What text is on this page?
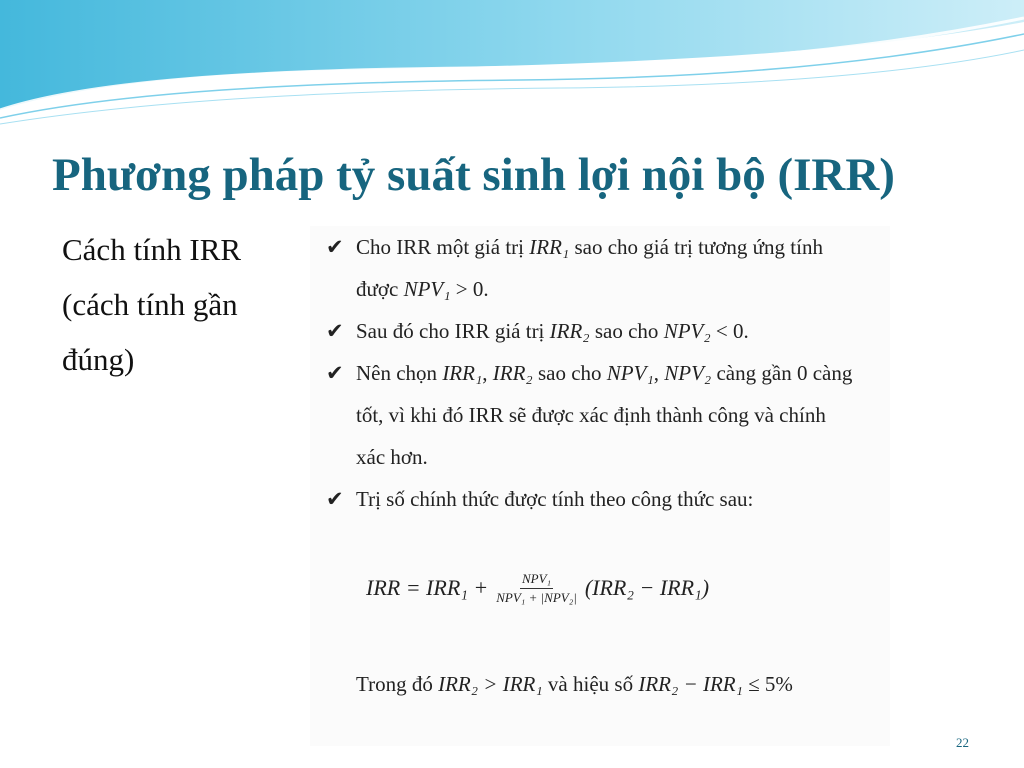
Phương pháp tỷ suất sinh lợi nội bộ (IRR)
Cách tính IRR
(cách tính gần
đúng)
✔ Cho IRR một giá trị IRR₁ sao cho giá trị tương ứng tính được NPV₁ > 0.
✔ Sau đó cho IRR giá trị IRR₂ sao cho NPV₂ < 0.
✔ Nên chọn IRR₁, IRR₂ sao cho NPV₁, NPV₂ càng gần 0 càng tốt, vì khi đó IRR sẽ được xác định thành công và chính xác hơn.
✔ Trị số chính thức được tính theo công thức sau:
IRR = $IRR_1 + \frac{\text{NPV₁}}{\text{NPV₁ + |NPV₂|}} (IRR_2 - IRR_1)$
Trong đó IRR₂ > IRR₁ và hiệu số IRR₂ − IRR₁ ≤ 5%
22
